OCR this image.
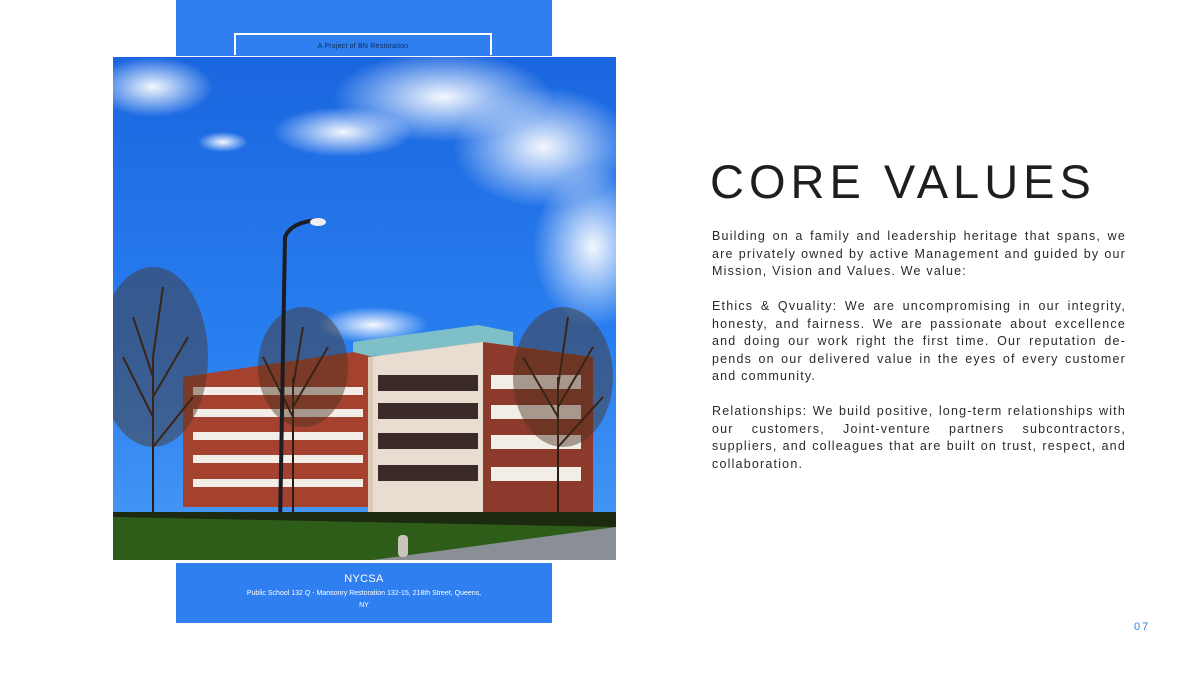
A Project of BN Restoration
NYCSA
Public School 132 Q - Mansonry Restoration 132-15, 218th Street, Queens, NY
CORE VALUES

Building on a family and leadership heritage that spans, we are privately owned by active Management and guided by our Mission, Vision and Values. We value:

Ethics & Qvuality: We are uncompromising in our integrity, honesty, and fairness. We are passionate about excellence and doing our work right the first time. Our reputation de-pends on our delivered value in the eyes of every customer and community.

Relationships: We build positive, long-term relationships with our customers, Joint-venture partners subcontractors, suppliers, and colleagues that are built on trust, respect, and collaboration.

07
